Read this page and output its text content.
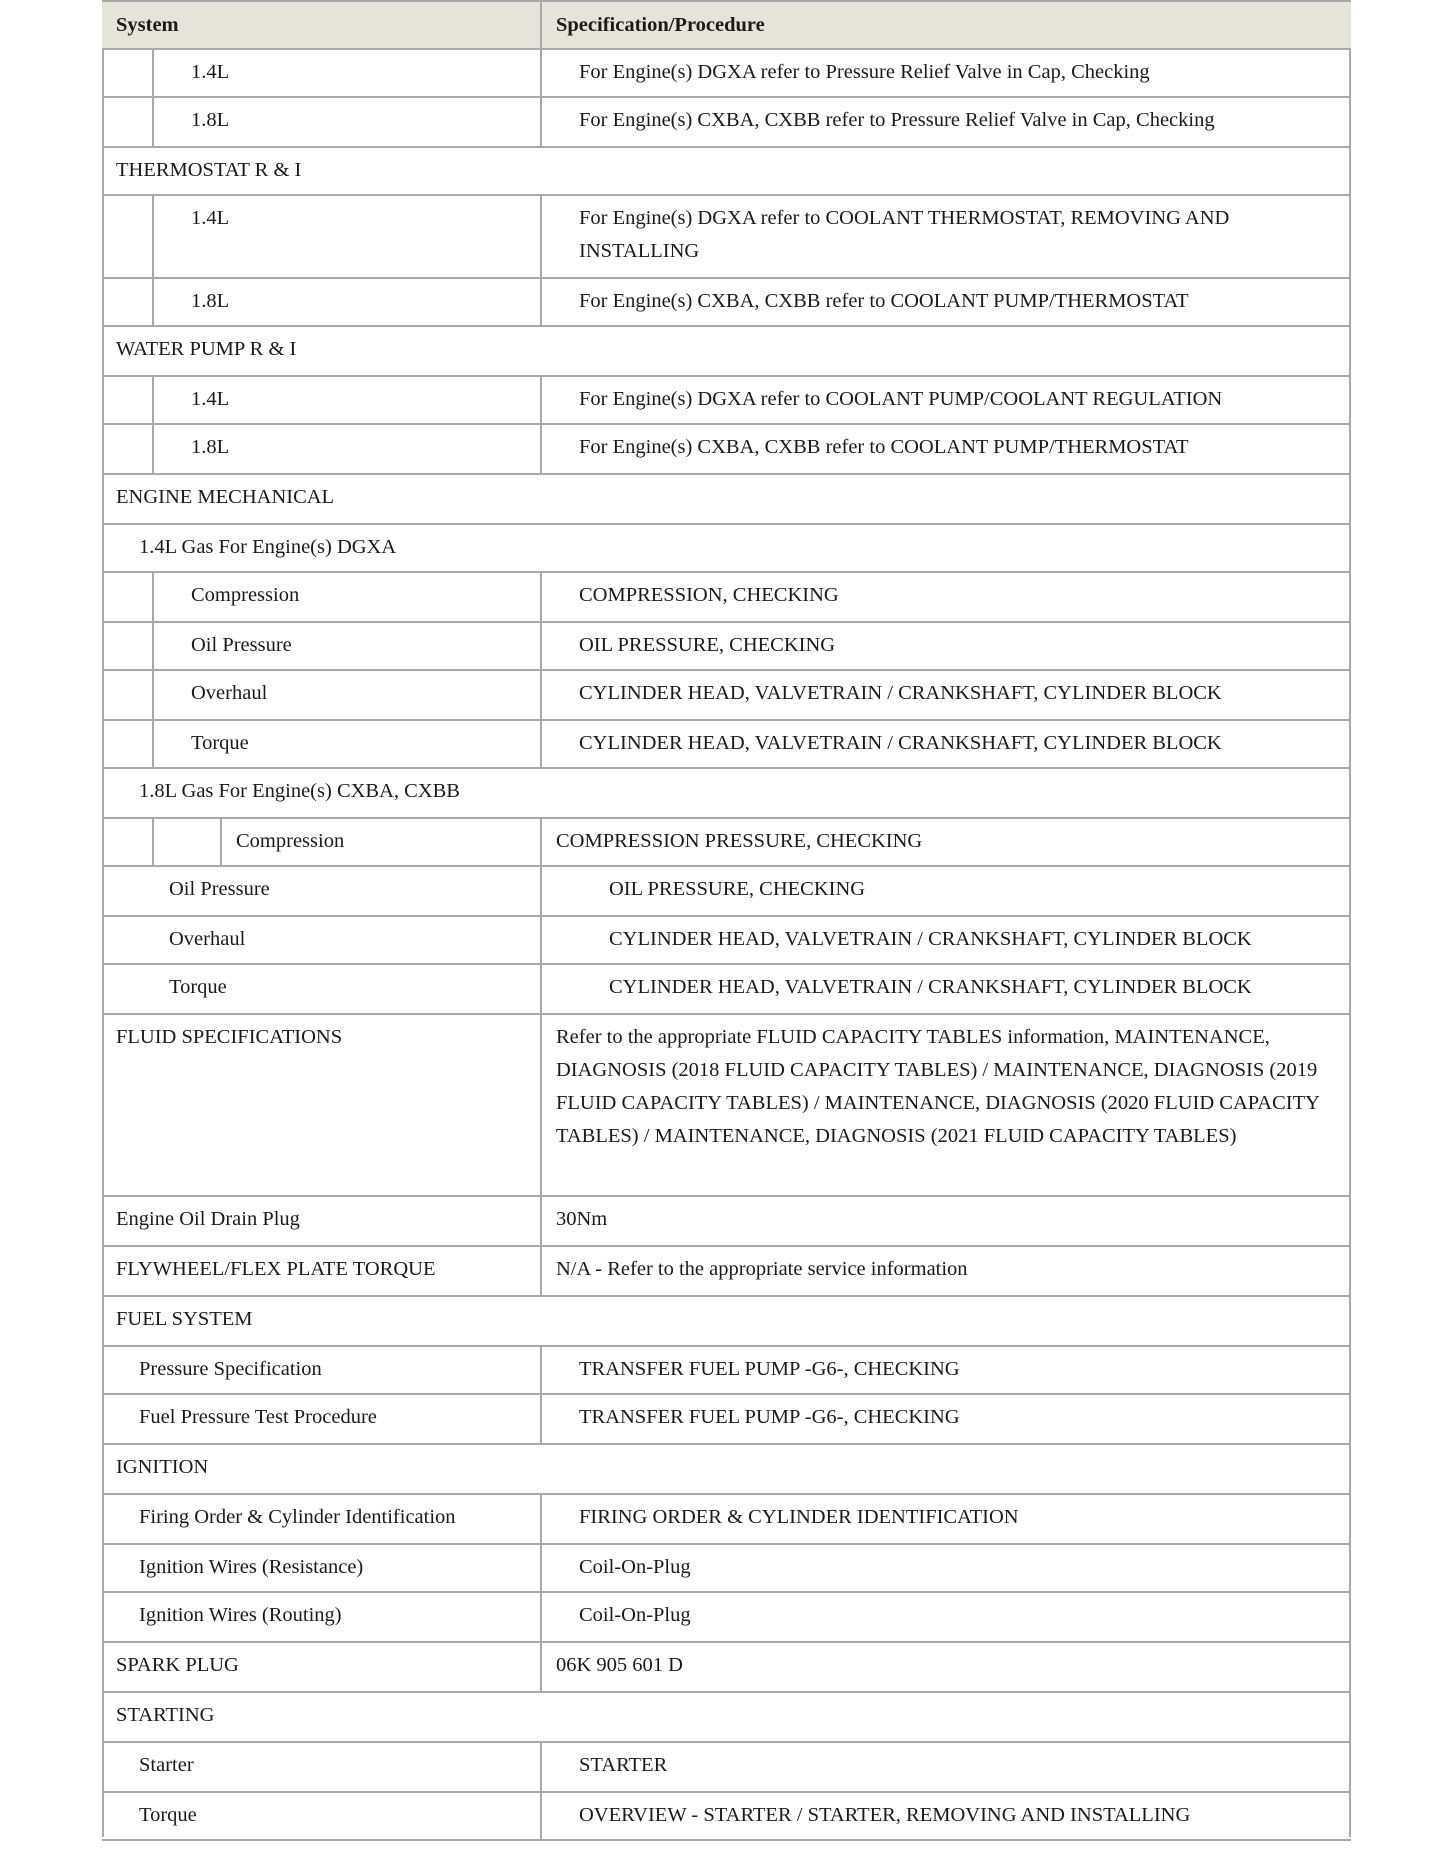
System	Specification/Procedure
1.4L	For Engine(s) DGXA refer to Pressure Relief Valve in Cap, Checking
1.8L	For Engine(s) CXBA, CXBB refer to Pressure Relief Valve in Cap, Checking
THERMOSTAT R & I
1.4L	For Engine(s) DGXA refer to COOLANT THERMOSTAT, REMOVING AND INSTALLING
1.8L	For Engine(s) CXBA, CXBB refer to COOLANT PUMP/THERMOSTAT
WATER PUMP R & I
1.4L	For Engine(s) DGXA refer to COOLANT PUMP/COOLANT REGULATION
1.8L	For Engine(s) CXBA, CXBB refer to COOLANT PUMP/THERMOSTAT
ENGINE MECHANICAL
1.4L Gas For Engine(s) DGXA
Compression	COMPRESSION, CHECKING
Oil Pressure	OIL PRESSURE, CHECKING
Overhaul	CYLINDER HEAD, VALVETRAIN / CRANKSHAFT, CYLINDER BLOCK
Torque	CYLINDER HEAD, VALVETRAIN / CRANKSHAFT, CYLINDER BLOCK
1.8L Gas For Engine(s) CXBA, CXBB
Compression	COMPRESSION PRESSURE, CHECKING
Oil Pressure	OIL PRESSURE, CHECKING
Overhaul	CYLINDER HEAD, VALVETRAIN / CRANKSHAFT, CYLINDER BLOCK
Torque	CYLINDER HEAD, VALVETRAIN / CRANKSHAFT, CYLINDER BLOCK
FLUID SPECIFICATIONS	Refer to the appropriate FLUID CAPACITY TABLES information, MAINTENANCE, DIAGNOSIS (2018 FLUID CAPACITY TABLES) / MAINTENANCE, DIAGNOSIS (2019 FLUID CAPACITY TABLES) / MAINTENANCE, DIAGNOSIS (2020 FLUID CAPACITY TABLES) / MAINTENANCE, DIAGNOSIS (2021 FLUID CAPACITY TABLES)
Engine Oil Drain Plug	30Nm
FLYWHEEL/FLEX PLATE TORQUE	N/A - Refer to the appropriate service information
FUEL SYSTEM
Pressure Specification	TRANSFER FUEL PUMP -G6-, CHECKING
Fuel Pressure Test Procedure	TRANSFER FUEL PUMP -G6-, CHECKING
IGNITION
Firing Order & Cylinder Identification	FIRING ORDER & CYLINDER IDENTIFICATION
Ignition Wires (Resistance)	Coil-On-Plug
Ignition Wires (Routing)	Coil-On-Plug
SPARK PLUG	06K 905 601 D
STARTING
Starter	STARTER
Torque	OVERVIEW - STARTER / STARTER, REMOVING AND INSTALLING
